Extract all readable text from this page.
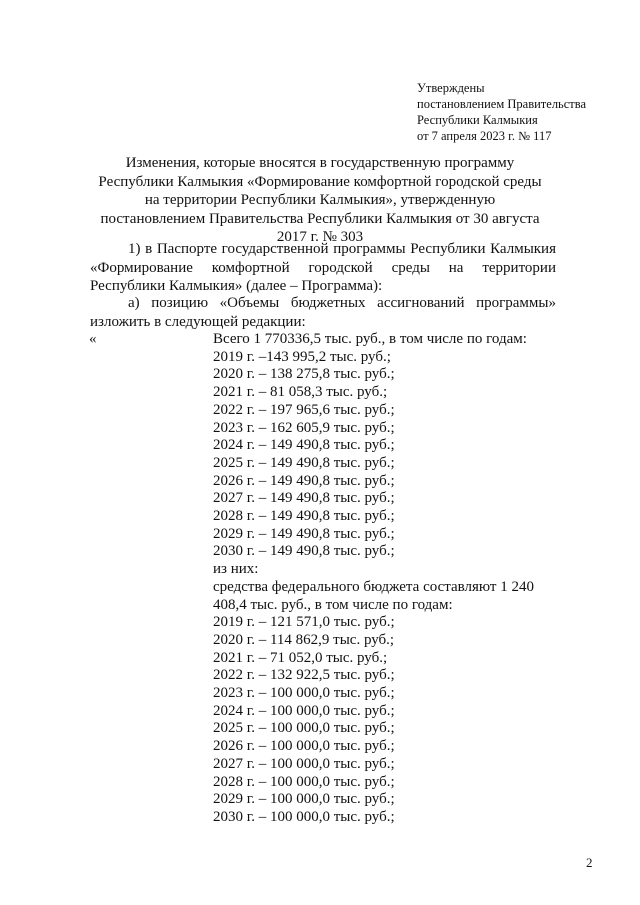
Утверждены
постановлением Правительства
Республики Калмыкия
от 7 апреля 2023 г. № 117
Изменения, которые вносятся в государственную программу Республики Калмыкия «Формирование комфортной городской среды на территории Республики Калмыкия», утвержденную постановлением Правительства Республики Калмыкия от 30 августа 2017 г. № 303
1) в Паспорте государственной программы Республики Калмыкия «Формирование комфортной городской среды на территории Республики Калмыкия» (далее – Программа):
а) позицию «Объемы бюджетных ассигнований программы» изложить в следующей редакции:
«	Всего 1 770336,5 тыс. руб., в том числе по годам:
2019 г. –143 995,2 тыс. руб.;
2020 г. – 138 275,8 тыс. руб.;
2021 г. – 81 058,3 тыс. руб.;
2022 г. – 197 965,6 тыс. руб.;
2023 г. – 162 605,9 тыс. руб.;
2024 г. – 149 490,8 тыс. руб.;
2025 г. – 149 490,8 тыс. руб.;
2026 г. – 149 490,8 тыс. руб.;
2027 г. – 149 490,8 тыс. руб.;
2028 г. – 149 490,8 тыс. руб.;
2029 г. – 149 490,8 тыс. руб.;
2030 г. – 149 490,8 тыс. руб.;
из них:
средства федерального бюджета составляют 1 240 408,4 тыс. руб., в том числе по годам:
2019 г. – 121 571,0 тыс. руб.;
2020 г. – 114 862,9 тыс. руб.;
2021 г. – 71 052,0 тыс. руб.;
2022 г. – 132 922,5 тыс. руб.;
2023 г. – 100 000,0 тыс. руб.;
2024 г. – 100 000,0 тыс. руб.;
2025 г. – 100 000,0 тыс. руб.;
2026 г. – 100 000,0 тыс. руб.;
2027 г. – 100 000,0 тыс. руб.;
2028 г. – 100 000,0 тыс. руб.;
2029 г. – 100 000,0 тыс. руб.;
2030 г. – 100 000,0 тыс. руб.;
2
